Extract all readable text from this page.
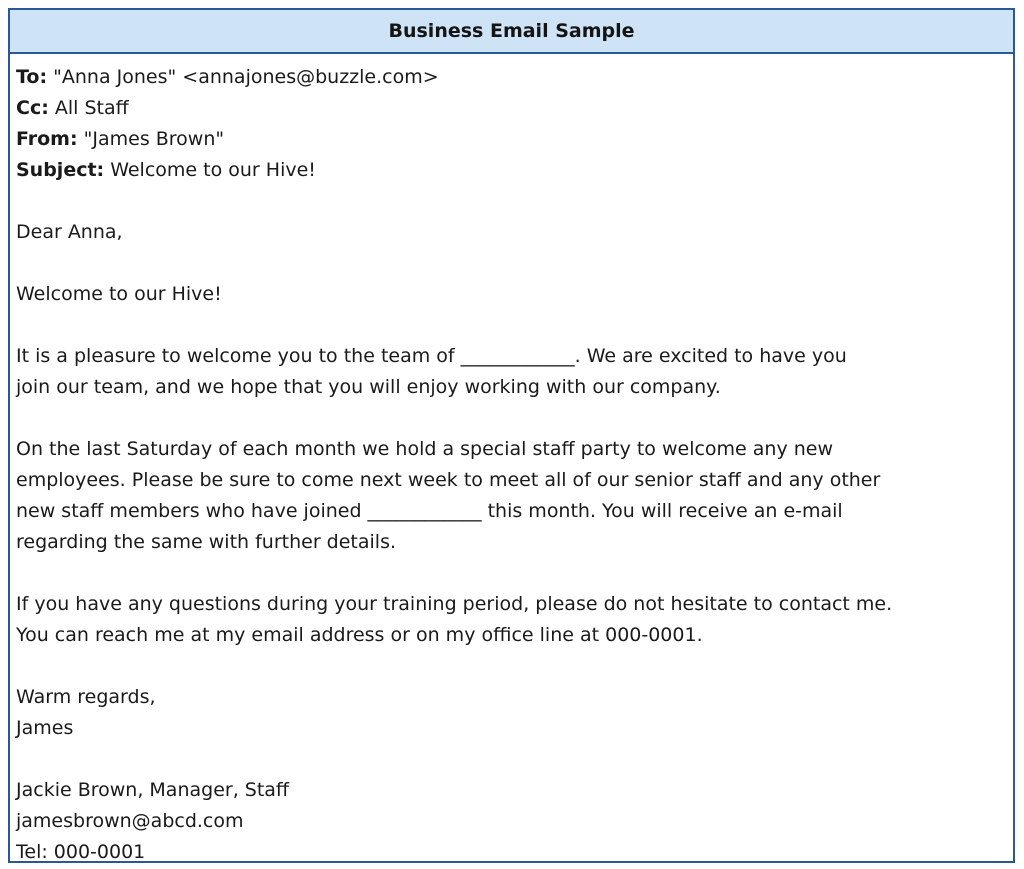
Business Email Sample
To: "Anna Jones" <annajones@buzzle.com>
Cc: All Staff
From: "James Brown"
Subject: Welcome to our Hive!
Dear Anna,
Welcome to our Hive!
It is a pleasure to welcome you to the team of ____________. We are excited to have you
join our team, and we hope that you will enjoy working with our company.
On the last Saturday of each month we hold a special staff party to welcome any new
employees. Please be sure to come next week to meet all of our senior staff and any other
new staff members who have joined ____________ this month. You will receive an e-mail
regarding the same with further details.
If you have any questions during your training period, please do not hesitate to contact me.
You can reach me at my email address or on my office line at 000-0001.
Warm regards,
James
Jackie Brown, Manager, Staff
jamesbrown@abcd.com
Tel: 000-0001
